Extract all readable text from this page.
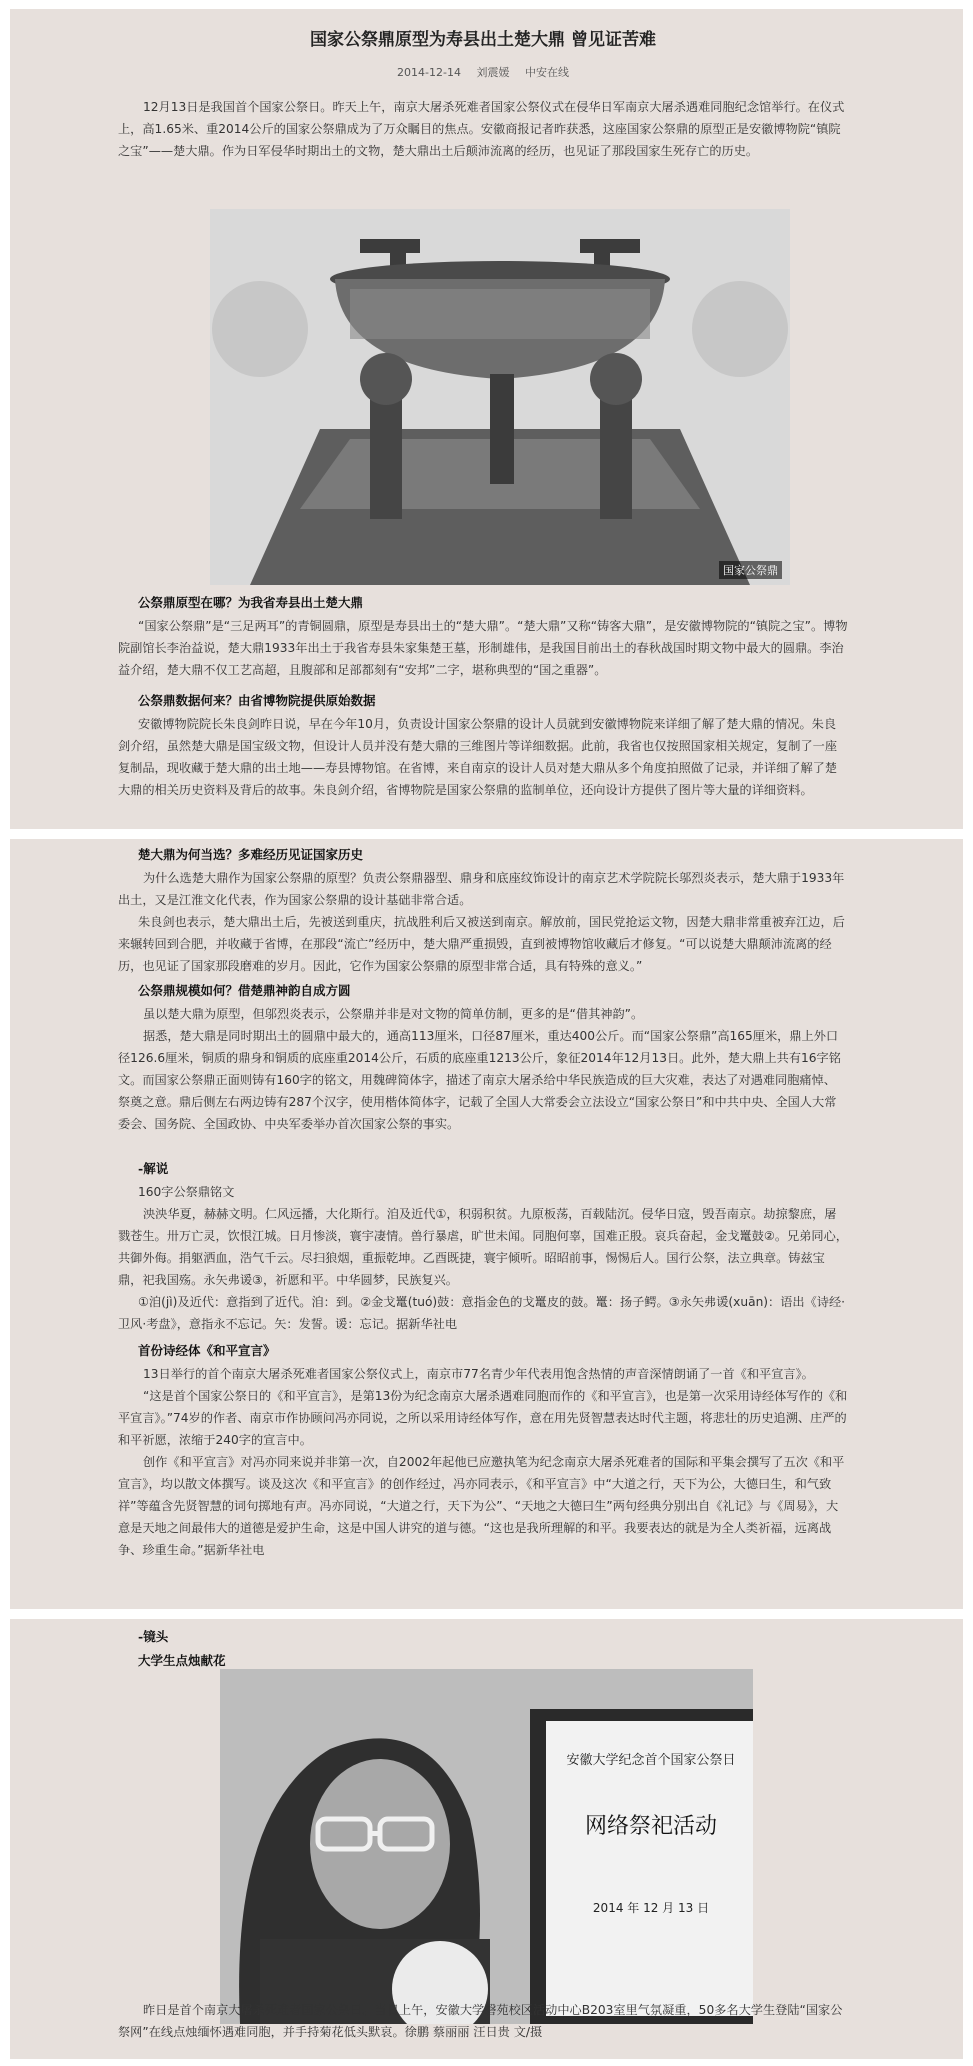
国家公祭鼎原型为寿县出土楚大鼎 曾见证苦难
2014-12-14 刘震媛 中安在线

12月13日是我国首个国家公祭日。昨天上午，南京大屠杀死难者国家公祭仪式在侵华日军南京大屠杀遇难同胞纪念馆举行。在仪式上，高1.65米、重2014公斤的国家公祭鼎成为了万众瞩目的焦点。安徽商报记者昨获悉，这座国家公祭鼎的原型正是安徽博物院“镇院之宝”——楚大鼎。作为日军侵华时期出土的文物，楚大鼎出土后颠沛流离的经历，也见证了那段国家生死存亡的历史。

国家公祭鼎
公祭鼎原型在哪？为我省寿县出土楚大鼎

“国家公祭鼎”是“三足两耳”的青铜圆鼎，原型是寿县出土的“楚大鼎”。“楚大鼎”又称“铸客大鼎”，是安徽博物院的“镇院之宝”。博物院副馆长李治益说，楚大鼎1933年出土于我省寿县朱家集楚王墓，形制雄伟，是我国目前出土的春秋战国时期文物中最大的圆鼎。李治益介绍，楚大鼎不仅工艺高超，且腹部和足部都刻有“安邦”二字，堪称典型的“国之重器”。

公祭鼎数据何来？由省博物院提供原始数据

安徽博物院院长朱良剑昨日说，早在今年10月，负责设计国家公祭鼎的设计人员就到安徽博物院来详细了解了楚大鼎的情况。朱良剑介绍，虽然楚大鼎是国宝级文物，但设计人员并没有楚大鼎的三维图片等详细数据。此前，我省也仅按照国家相关规定，复制了一座复制品，现收藏于楚大鼎的出土地——寿县博物馆。在省博，来自南京的设计人员对楚大鼎从多个角度拍照做了记录，并详细了解了楚大鼎的相关历史资料及背后的故事。朱良剑介绍，省博物院是国家公祭鼎的监制单位，还向设计方提供了图片等大量的详细资料。

楚大鼎为何当选？多难经历见证国家历史

为什么选楚大鼎作为国家公祭鼎的原型？负责公祭鼎器型、鼎身和底座纹饰设计的南京艺术学院院长邬烈炎表示，楚大鼎于1933年出土，又是江淮文化代表，作为国家公祭鼎的设计基础非常合适。

朱良剑也表示，楚大鼎出土后，先被送到重庆，抗战胜利后又被送到南京。解放前，国民党抢运文物，因楚大鼎非常重被弃江边，后来辗转回到合肥，并收藏于省博，在那段“流亡”经历中，楚大鼎严重损毁，直到被博物馆收藏后才修复。“可以说楚大鼎颠沛流离的经历，也见证了国家那段磨难的岁月。因此，它作为国家公祭鼎的原型非常合适，具有特殊的意义。”

公祭鼎规模如何？借楚鼎神韵自成方圆

虽以楚大鼎为原型，但邬烈炎表示，公祭鼎并非是对文物的简单仿制，更多的是“借其神韵”。

据悉，楚大鼎是同时期出土的圆鼎中最大的，通高113厘米，口径87厘米，重达400公斤。而“国家公祭鼎”高165厘米，鼎上外口径126.6厘米，铜质的鼎身和铜质的底座重2014公斤，石质的底座重1213公斤，象征2014年12月13日。此外，楚大鼎上共有16字铭文。而国家公祭鼎正面则铸有160字的铭文，用魏碑简体字，描述了南京大屠杀给中华民族造成的巨大灾难，表达了对遇难同胞痛悼、祭奠之意。鼎后侧左右两边铸有287个汉字，使用楷体简体字，记载了全国人大常委会立法设立“国家公祭日”和中共中央、全国人大常委会、国务院、全国政协、中央军委举办首次国家公祭的事实。

-解说

160字公祭鼎铭文

泱泱华夏，赫赫文明。仁风远播，大化斯行。洎及近代①，积弱积贫。九原板荡，百载陆沉。侵华日寇，毁吾南京。劫掠黎庶，屠戮苍生。卅万亡灵，饮恨江城。日月惨淡，寰宇凄情。兽行暴虐，旷世未闻。同胞何辜，国难正殷。哀兵奋起，金戈鼍鼓②。兄弟同心，共御外侮。捐躯洒血，浩气千云。尽扫狼烟，重振乾坤。乙酉既捷，寰宇倾听。昭昭前事，惕惕后人。国行公祭，法立典章。铸兹宝鼎，祀我国殇。永矢弗谖③，祈愿和平。中华圆梦，民族复兴。

①洎(jì)及近代：意指到了近代。洎：到。②金戈鼍(tuó)鼓：意指金色的戈鼍皮的鼓。鼍：扬子鳄。③永矢弗谖(xuān)：语出《诗经·卫风·考盘》，意指永不忘记。矢：发誓。谖：忘记。据新华社电

首份诗经体《和平宣言》

13日举行的首个南京大屠杀死难者国家公祭仪式上，南京市77名青少年代表用饱含热情的声音深情朗诵了一首《和平宣言》。

“这是首个国家公祭日的《和平宣言》，是第13份为纪念南京大屠杀遇难同胞而作的《和平宣言》，也是第一次采用诗经体写作的《和平宣言》。”74岁的作者、南京市作协顾问冯亦同说，之所以采用诗经体写作，意在用先贤智慧表达时代主题，将悲壮的历史追溯、庄严的和平祈愿，浓缩于240字的宣言中。

创作《和平宣言》对冯亦同来说并非第一次，自2002年起他已应邀执笔为纪念南京大屠杀死难者的国际和平集会撰写了五次《和平宣言》，均以散文体撰写。谈及这次《和平宣言》的创作经过，冯亦同表示，《和平宣言》中“大道之行，天下为公，大德曰生，和气致祥”等蕴含先贤智慧的词句掷地有声。冯亦同说，“大道之行，天下为公”、“天地之大德曰生”两句经典分别出自《礼记》与《周易》，大意是天地之间最伟大的道德是爱护生命，这是中国人讲究的道与德。“这也是我所理解的和平。我要表达的就是为全人类祈福，远离战争、珍重生命。”据新华社电

-镜头
大学生点烛献花
安徽大学纪念首个国家公祭日
网络祭祀活动
2014 年 12 月 13 日

昨日是首个南京大屠杀死难者国家公祭日。当日上午，安徽大学磬苑校区活动中心B203室里气氛凝重，50多名大学生登陆“国家公祭网”在线点烛缅怀遇难同胞，并手持菊花低头默哀。徐鹏 蔡丽丽 汪日贵 文/摄
